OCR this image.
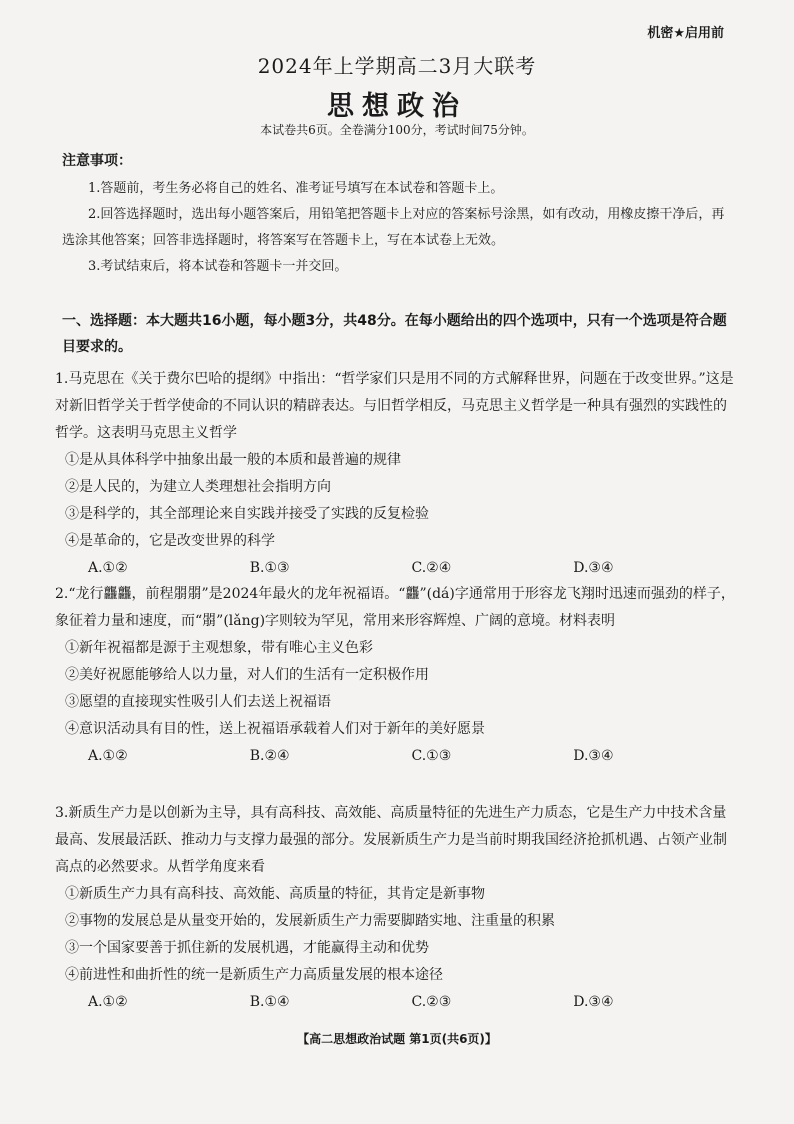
机密★启用前
2024年上学期高二3月大联考
思想政治
本试卷共6页。全卷满分100分，考试时间75分钟。
注意事项：
1.答题前，考生务必将自己的姓名、准考证号填写在本试卷和答题卡上。
2.回答选择题时，选出每小题答案后，用铅笔把答题卡上对应的答案标号涂黑，如有改动，用橡皮擦干净后，再选涂其他答案；回答非选择题时，将答案写在答题卡上，写在本试卷上无效。
3.考试结束后，将本试卷和答题卡一并交回。
一、选择题：本大题共16小题，每小题3分，共48分。在每小题给出的四个选项中，只有一个选项是符合题目要求的。

1.马克思在《关于费尔巴哈的提纲》中指出：“哲学家们只是用不同的方式解释世界，问题在于改变世界。”这是对新旧哲学关于哲学使命的不同认识的精辟表达。与旧哲学相反，马克思主义哲学是一种具有强烈的实践性的哲学。这表明马克思主义哲学

①是从具体科学中抽象出最一般的本质和最普遍的规律
②是人民的，为建立人类理想社会指明方向
③是科学的，其全部理论来自实践并接受了实践的反复检验
④是革命的，它是改变世界的科学
A.①②	B.①③	C.②④	D.③④

2.“龙行龘龘，前程朤朤”是2024年最火的龙年祝福语。“龘”(dá)字通常用于形容龙飞翔时迅速而强劲的样子，象征着力量和速度，而“朤”(lǎng)字则较为罕见，常用来形容辉煌、广阔的意境。材料表明

①新年祝福都是源于主观想象，带有唯心主义色彩
②美好祝愿能够给人以力量，对人们的生活有一定积极作用
③愿望的直接现实性吸引人们去送上祝福语
④意识活动具有目的性，送上祝福语承载着人们对于新年的美好愿景
A.①②	B.②④	C.①③	D.③④

3.新质生产力是以创新为主导，具有高科技、高效能、高质量特征的先进生产力质态，它是生产力中技术含量最高、发展最活跃、推动力与支撑力最强的部分。发展新质生产力是当前时期我国经济抢抓机遇、占领产业制高点的必然要求。从哲学角度来看

①新质生产力具有高科技、高效能、高质量的特征，其肯定是新事物
②事物的发展总是从量变开始的，发展新质生产力需要脚踏实地、注重量的积累
③一个国家要善于抓住新的发展机遇，才能赢得主动和优势
④前进性和曲折性的统一是新质生产力高质量发展的根本途径
A.①②	B.①④	C.②③	D.③④
【高二思想政治试题 第1页(共6页)】
